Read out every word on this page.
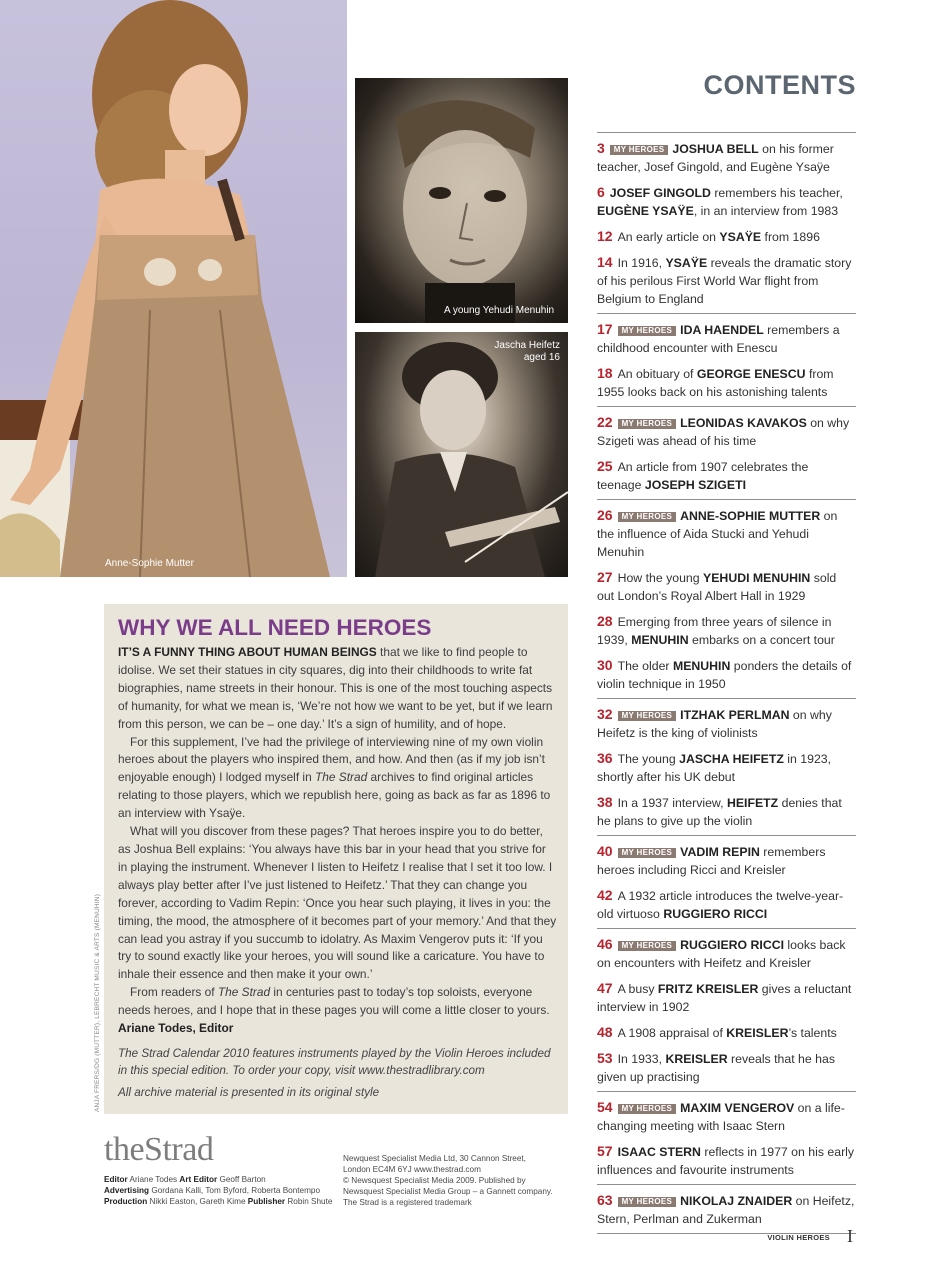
Anne-Sophie Mutter
A young Yehudi Menuhin
Jascha Heifetz
aged 16
CONTENTS
3 MY HEROES JOSHUA BELL on his former teacher, Josef Gingold, and Eugène Ysaÿe
6 JOSEF GINGOLD remembers his teacher, EUGÈNE YSAŸE, in an interview from 1983
12 An early article on YSAŸE from 1896
14 In 1916, YSAŸE reveals the dramatic story of his perilous First World War flight from Belgium to England
17 MY HEROES IDA HAENDEL remembers a childhood encounter with Enescu
18 An obituary of GEORGE ENESCU from 1955 looks back on his astonishing talents
22 MY HEROES LEONIDAS KAVAKOS on why Szigeti was ahead of his time
25 An article from 1907 celebrates the teenage JOSEPH SZIGETI
26 MY HEROES ANNE-SOPHIE MUTTER on the influence of Aida Stucki and Yehudi Menuhin
27 How the young YEHUDI MENUHIN sold out London’s Royal Albert Hall in 1929
28 Emerging from three years of silence in 1939, MENUHIN embarks on a concert tour
30 The older MENUHIN ponders the details of violin technique in 1950
32 MY HEROES ITZHAK PERLMAN on why Heifetz is the king of violinists
36 The young JASCHA HEIFETZ in 1923, shortly after his UK debut
38 In a 1937 interview, HEIFETZ denies that he plans to give up the violin
40 MY HEROES VADIM REPIN remembers heroes including Ricci and Kreisler
42 A 1932 article introduces the twelve-year-old virtuoso RUGGIERO RICCI
46 MY HEROES RUGGIERO RICCI looks back on encounters with Heifetz and Kreisler
47 A busy FRITZ KREISLER gives a reluctant interview in 1902
48 A 1908 appraisal of KREISLER’s talents
53 In 1933, KREISLER reveals that he has given up practising
54 MY HEROES MAXIM VENGEROV on a life-changing meeting with Isaac Stern
57 ISAAC STERN reflects in 1977 on his early influences and favourite instruments
63 MY HEROES NIKOLAJ ZNAIDER on Heifetz, Stern, Perlman and Zukerman
WHY WE ALL NEED HEROES

IT’S A FUNNY THING ABOUT HUMAN BEINGS that we like to find people to idolise. We set their statues in city squares, dig into their childhoods to write fat biographies, name streets in their honour. This is one of the most touching aspects of humanity, for what we mean is, ‘We’re not how we want to be yet, but if we learn from this person, we can be – one day.’ It’s a sign of humility, and of hope.

For this supplement, I’ve had the privilege of interviewing nine of my own violin heroes about the players who inspired them, and how. And then (as if my job isn’t enjoyable enough) I lodged myself in The Strad archives to find original articles relating to those players, which we republish here, going as back as far as 1896 to an interview with Ysaÿe.

What will you discover from these pages? That heroes inspire you to do better, as Joshua Bell explains: ‘You always have this bar in your head that you strive for in playing the instrument. Whenever I listen to Heifetz I realise that I set it too low. I always play better after I’ve just listened to Heifetz.’ That they can change you forever, according to Vadim Repin: ‘Once you hear such playing, it lives in you: the timing, the mood, the atmosphere of it becomes part of your memory.’ And that they can lead you astray if you succumb to idolatry. As Maxim Vengerov puts it: ‘If you try to sound exactly like your heroes, you will sound like a caricature. You have to inhale their essence and then make it your own.’

From readers of The Strad in centuries past to today’s top soloists, everyone needs heroes, and I hope that in these pages you will come a little closer to yours.

Ariane Todes, Editor

The Strad Calendar 2010 features instruments played by the Violin Heroes included in this special edition. To order your copy, visit www.thestradlibrary.com

All archive material is presented in its original style

ANJA FRERS/DG (MUTTER), LEBRECHT MUSIC & ARTS (MENUHIN)
theStrad
Editor Ariane Todes Art Editor Geoff Barton
Advertising Gordana Kalli, Tom Byford, Roberta Bontempo
Production Nikki Easton, Gareth Kime Publisher Robin Shute
Newquest Specialist Media Ltd, 30 Cannon Street,
London EC4M 6YJ www.thestrad.com
© Newsquest Specialist Media 2009. Published by
Newsquest Specialist Media Group – a Gannett company.
The Strad is a registered trademark
VIOLIN HEROES I
